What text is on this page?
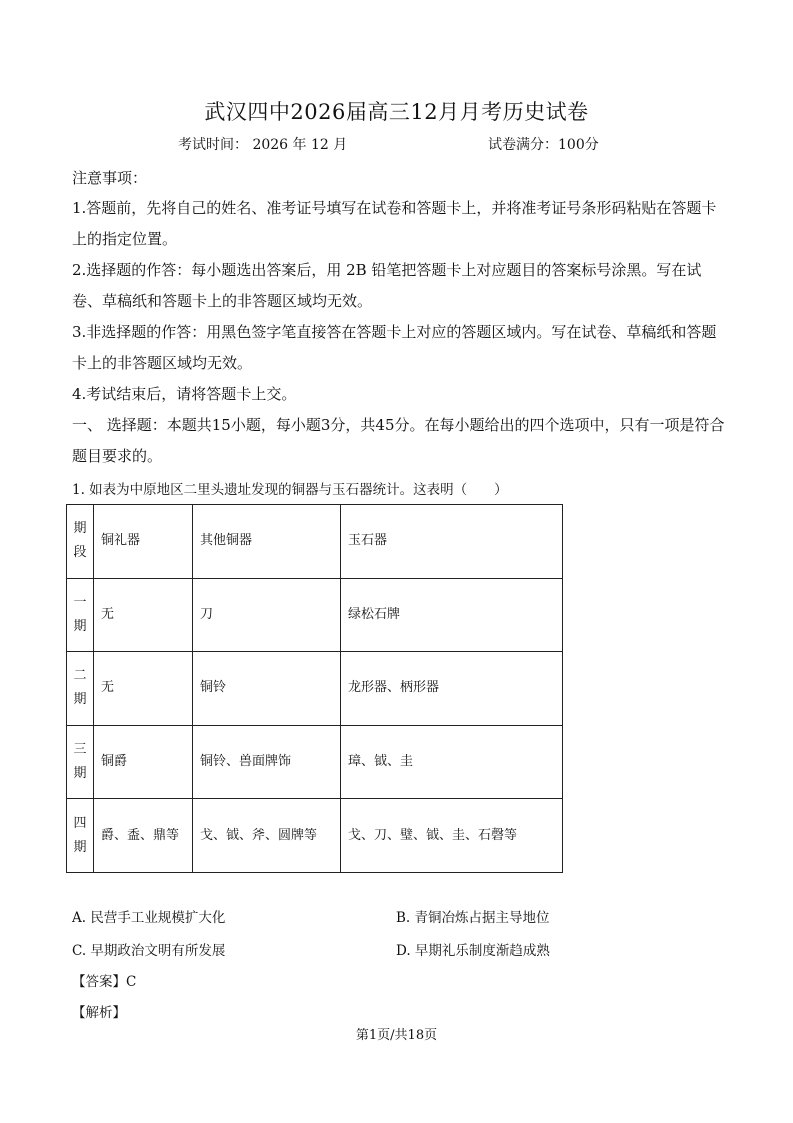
武汉四中2026届高三12月月考历史试卷
考试时间： 2026 年 12 月	试卷满分：100分
注意事项：
1.答题前，先将自己的姓名、准考证号填写在试卷和答题卡上，并将准考证号条形码粘贴在答题卡上的指定位置。
2.选择题的作答：每小题选出答案后，用 2B 铅笔把答题卡上对应题目的答案标号涂黑。写在试卷、草稿纸和答题卡上的非答题区域均无效。
3.非选择题的作答：用黑色签字笔直接答在答题卡上对应的答题区域内。写在试卷、草稿纸和答题卡上的非答题区域均无效。
4.考试结束后，请将答题卡上交。
一、 选择题：本题共15小题，每小题3分，共45分。在每小题给出的四个选项中，只有一项是符合题目要求的。
1. 如表为中原地区二里头遗址发现的铜器与玉石器统计。这表明（　　）
期
段	铜礼器	其他铜器	玉石器

一
期	无	刀	绿松石牌

二
期	无	铜铃	龙形器、柄形器

三
期	铜爵	铜铃、兽面牌饰	璋、钺、圭

四
期	爵、盉、鼎等	戈、钺、斧、圆牌等	戈、刀、璧、钺、圭、石磬等
A. 民营手工业规模扩大化	B. 青铜冶炼占据主导地位
C. 早期政治文明有所发展	D. 早期礼乐制度渐趋成熟
【答案】C
【解析】
第1页/共18页
